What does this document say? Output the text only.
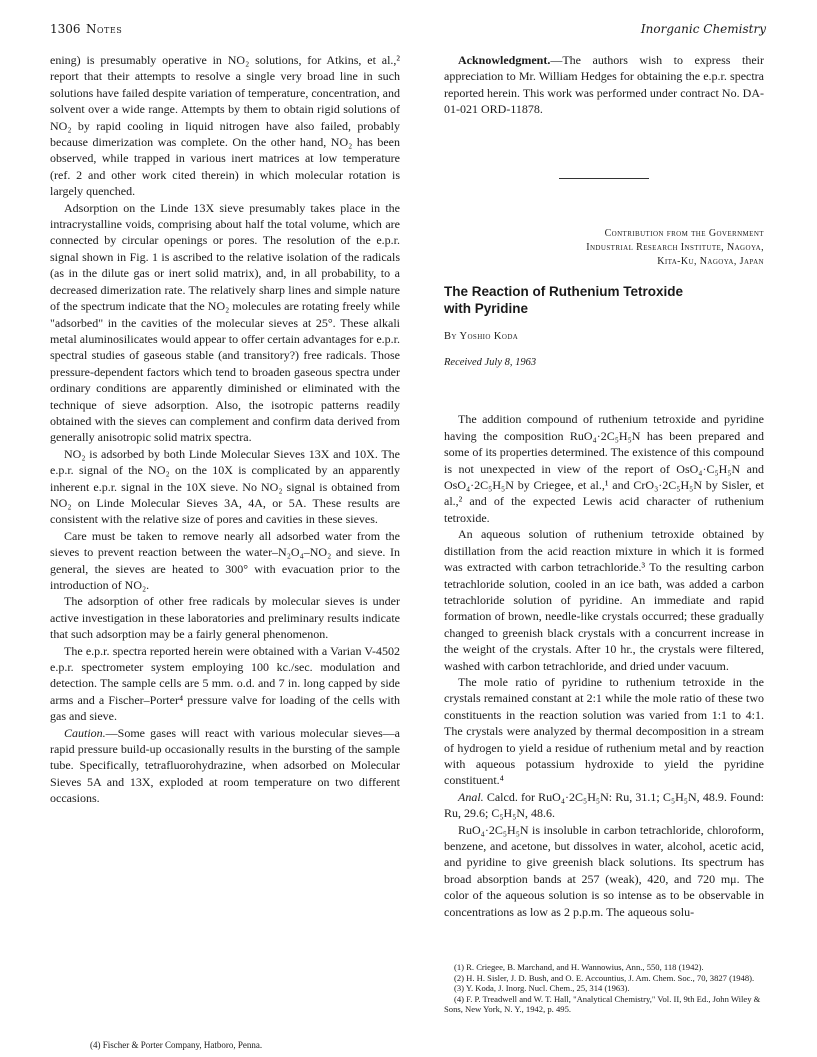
1306 Notes	Inorganic Chemistry

ening) is presumably operative in NO₂ solutions, for Atkins, et al.,² report that their attempts to resolve a single very broad line in such solutions have failed despite variation of temperature, concentration, and solvent over a wide range. Attempts by them to obtain rigid solutions of NO₂ by rapid cooling in liquid nitrogen have also failed, probably because dimerization was complete. On the other hand, NO₂ has been observed, while trapped in various inert matrices at low temperature (ref. 2 and other work cited therein) in which molecular rotation is largely quenched.

Adsorption on the Linde 13X sieve presumably takes place in the intracrystalline voids, comprising about half the total volume, which are connected by circular openings or pores. The resolution of the e.p.r. signal shown in Fig. 1 is ascribed to the relative isolation of the radicals (as in the dilute gas or inert solid matrix), and, in all probability, to a decreased dimerization rate. The relatively sharp lines and simple nature of the spectrum indicate that the NO₂ molecules are rotating freely while "adsorbed" in the cavities of the molecular sieves at 25°. These alkali metal aluminosilicates would appear to offer certain advantages for e.p.r. spectral studies of gaseous stable (and transitory?) free radicals. Those pressure-dependent factors which tend to broaden gaseous spectra under ordinary conditions are apparently diminished or eliminated with the technique of sieve adsorption. Also, the isotropic patterns readily obtained with the sieves can complement and confirm data derived from generally anisotropic solid matrix spectra.

NO₂ is adsorbed by both Linde Molecular Sieves 13X and 10X. The e.p.r. signal of the NO₂ on the 10X is complicated by an apparently inherent e.p.r. signal in the 10X sieve. No NO₂ signal is obtained from NO₂ on Linde Molecular Sieves 3A, 4A, or 5A. These results are consistent with the relative size of pores and cavities in these sieves.

Care must be taken to remove nearly all adsorbed water from the sieves to prevent reaction between the water–N₂O₄–NO₂ and sieve. In general, the sieves are heated to 300° with evacuation prior to the introduction of NO₂.

The adsorption of other free radicals by molecular sieves is under active investigation in these laboratories and preliminary results indicate that such adsorption may be a fairly general phenomenon.

The e.p.r. spectra reported herein were obtained with a Varian V-4502 e.p.r. spectrometer system employing 100 kc./sec. modulation and detection. The sample cells are 5 mm. o.d. and 7 in. long capped by side arms and a Fischer–Porter⁴ pressure valve for loading of the cells with gas and sieve.

Caution.—Some gases will react with various molecular sieves—a rapid pressure build-up occasionally results in the bursting of the sample tube. Specifically, tetrafluorohydrazine, when adsorbed on Molecular Sieves 5A and 13X, exploded at room temperature on two different occasions.

(4) Fischer & Porter Company, Hatboro, Penna.

Acknowledgment.—The authors wish to express their appreciation to Mr. William Hedges for obtaining the e.p.r. spectra reported herein. This work was performed under contract No. DA-01-021 ORD-11878.

Contribution from the Government
Industrial Research Institute, Nagoya,
Kita-Ku, Nagoya, Japan
The Reaction of Ruthenium Tetroxide
with Pyridine
By Yoshio Koda
Received July 8, 1963

The addition compound of ruthenium tetroxide and pyridine having the composition RuO₄·2C₅H₅N has been prepared and some of its properties determined. The existence of this compound is not unexpected in view of the report of OsO₄·C₅H₅N and OsO₄·2C₅H₅N by Criegee, et al.,¹ and CrO₃·2C₅H₅N by Sisler, et al.,² and of the expected Lewis acid character of ruthenium tetroxide.

An aqueous solution of ruthenium tetroxide obtained by distillation from the acid reaction mixture in which it is formed was extracted with carbon tetrachloride.³ To the resulting carbon tetrachloride solution, cooled in an ice bath, was added a carbon tetrachloride solution of pyridine. An immediate and rapid formation of brown, needle-like crystals occurred; these gradually changed to greenish black crystals with a concurrent increase in the weight of the crystals. After 10 hr., the crystals were filtered, washed with carbon tetrachloride, and dried under vacuum.

The mole ratio of pyridine to ruthenium tetroxide in the crystals remained constant at 2:1 while the mole ratio of these two constituents in the reaction solution was varied from 1:1 to 4:1. The crystals were analyzed by thermal decomposition in a stream of hydrogen to yield a residue of ruthenium metal and by reaction with aqueous potassium hydroxide to yield the pyridine constituent.⁴

Anal. Calcd. for RuO₄·2C₅H₅N: Ru, 31.1; C₅H₅N, 48.9. Found: Ru, 29.6; C₅H₅N, 48.6.

RuO₄·2C₅H₅N is insoluble in carbon tetrachloride, chloroform, benzene, and acetone, but dissolves in water, alcohol, acetic acid, and pyridine to give greenish black solutions. Its spectrum has broad absorption bands at 257 (weak), 420, and 720 mμ. The color of the aqueous solution is so intense as to be observable in concentrations as low as 2 p.p.m. The aqueous solu-

(1) R. Criegee, B. Marchand, and H. Wannowius, Ann., 550, 118 (1942).
(2) H. H. Sisler, J. D. Bush, and O. E. Accountius, J. Am. Chem. Soc., 70, 3827 (1948).
(3) Y. Koda, J. Inorg. Nucl. Chem., 25, 314 (1963).
(4) F. P. Treadwell and W. T. Hall, "Analytical Chemistry," Vol. II, 9th Ed., John Wiley & Sons, New York, N. Y., 1942, p. 495.
